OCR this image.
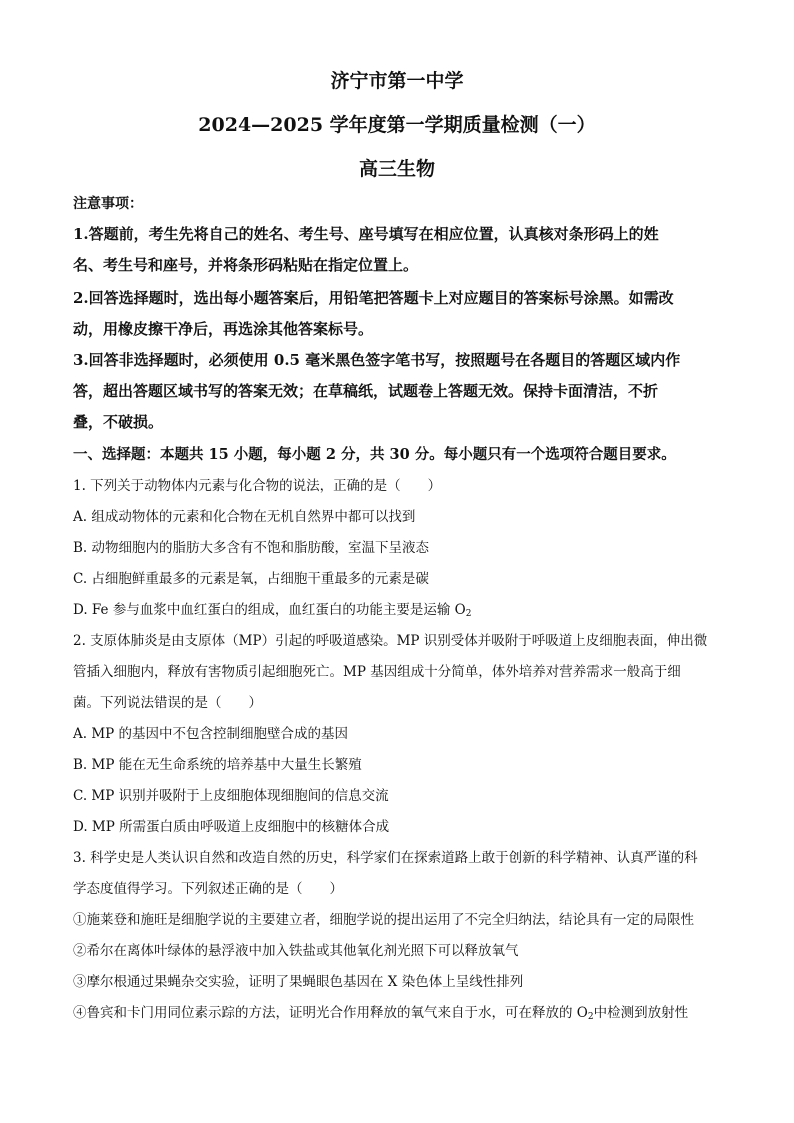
济宁市第一中学
2024—2025 学年度第一学期质量检测（一）
高三生物
注意事项：
1.答题前，考生先将自己的姓名、考生号、座号填写在相应位置，认真核对条形码上的姓
名、考生号和座号，并将条形码粘贴在指定位置上。
2.回答选择题时，选出每小题答案后，用铅笔把答题卡上对应题目的答案标号涂黑。如需改
动，用橡皮擦干净后，再选涂其他答案标号。
3.回答非选择题时，必须使用 0.5 毫米黑色签字笔书写，按照题号在各题目的答题区域内作
答，超出答题区域书写的答案无效；在草稿纸，试题卷上答题无效。保持卡面清洁，不折
叠，不破损。
一、选择题：本题共 15 小题，每小题 2 分，共 30 分。每小题只有一个选项符合题目要求。
1. 下列关于动物体内元素与化合物的说法，正确的是（　　）
A. 组成动物体的元素和化合物在无机自然界中都可以找到
B. 动物细胞内的脂肪大多含有不饱和脂肪酸，室温下呈液态
C. 占细胞鲜重最多的元素是氧，占细胞干重最多的元素是碳
D. Fe 参与血浆中血红蛋白的组成，血红蛋白的功能主要是运输 $O_2$
2. 支原体肺炎是由支原体（MP）引起的呼吸道感染。MP 识别受体并吸附于呼吸道上皮细胞表面，伸出微
管插入细胞内，释放有害物质引起细胞死亡。MP 基因组成十分简单，体外培养对营养需求一般高于细
菌。下列说法错误的是（　　）
A. MP 的基因中不包含控制细胞壁合成的基因
B. MP 能在无生命系统的培养基中大量生长繁殖
C. MP 识别并吸附于上皮细胞体现细胞间的信息交流
D. MP 所需蛋白质由呼吸道上皮细胞中的核糖体合成
3. 科学史是人类认识自然和改造自然的历史，科学家们在探索道路上敢于创新的科学精神、认真严谨的科
学态度值得学习。下列叙述正确的是（　　）
①施莱登和施旺是细胞学说的主要建立者，细胞学说的提出运用了不完全归纳法，结论具有一定的局限性
②希尔在离体叶绿体的悬浮液中加入铁盐或其他氧化剂光照下可以释放氧气
③摩尔根通过果蝇杂交实验，证明了果蝇眼色基因在 X 染色体上呈线性排列
④鲁宾和卡门用同位素示踪的方法，证明光合作用释放的氧气来自于水，可在释放的 $O_2$中检测到放射性
